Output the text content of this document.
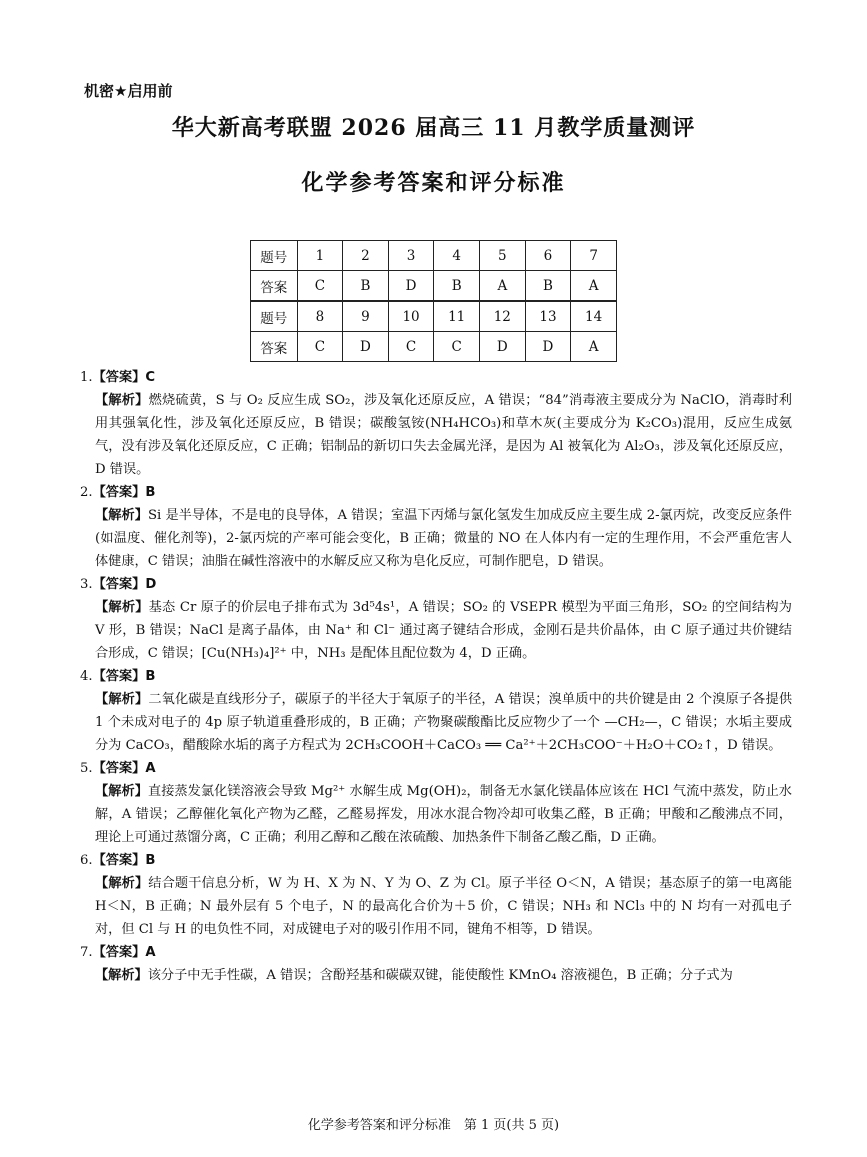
机密★启用前
华大新高考联盟 2026 届高三 11 月教学质量测评
化学参考答案和评分标准
题号	1	2	3	4	5	6	7
答案	C	B	D	B	A	B	A
题号	8	9	10	11	12	13	14
答案	C	D	C	C	D	D	A

1.【答案】C

【解析】燃烧硫黄，S 与 O₂ 反应生成 SO₂，涉及氧化还原反应，A 错误；“84”消毒液主要成分为 NaClO，消毒时利用其强氧化性，涉及氧化还原反应，B 错误；碳酸氢铵(NH₄HCO₃)和草木灰(主要成分为 K₂CO₃)混用，反应生成氨气，没有涉及氧化还原反应，C 正确；铝制品的新切口失去金属光泽，是因为 Al 被氧化为 Al₂O₃，涉及氧化还原反应，D 错误。

2.【答案】B

【解析】Si 是半导体，不是电的良导体，A 错误；室温下丙烯与氯化氢发生加成反应主要生成 2-氯丙烷，改变反应条件(如温度、催化剂等)，2-氯丙烷的产率可能会变化，B 正确；微量的 NO 在人体内有一定的生理作用，不会严重危害人体健康，C 错误；油脂在碱性溶液中的水解反应又称为皂化反应，可制作肥皂，D 错误。

3.【答案】D

【解析】基态 Cr 原子的价层电子排布式为 3d⁵4s¹，A 错误；SO₂ 的 VSEPR 模型为平面三角形，SO₂ 的空间结构为 V 形，B 错误；NaCl 是离子晶体，由 Na⁺ 和 Cl⁻ 通过离子键结合形成，金刚石是共价晶体，由 C 原子通过共价键结合形成，C 错误；[Cu(NH₃)₄]²⁺ 中，NH₃ 是配体且配位数为 4，D 正确。

4.【答案】B

【解析】二氧化碳是直线形分子，碳原子的半径大于氧原子的半径，A 错误；溴单质中的共价键是由 2 个溴原子各提供 1 个未成对电子的 4p 原子轨道重叠形成的，B 正确；产物聚碳酸酯比反应物少了一个 —CH₂—，C 错误；水垢主要成分为 CaCO₃，醋酸除水垢的离子方程式为 2CH₃COOH＋CaCO₃ ══ Ca²⁺＋2CH₃COO⁻＋H₂O＋CO₂↑，D 错误。

5.【答案】A

【解析】直接蒸发氯化镁溶液会导致 Mg²⁺ 水解生成 Mg(OH)₂，制备无水氯化镁晶体应该在 HCl 气流中蒸发，防止水解，A 错误；乙醇催化氧化产物为乙醛，乙醛易挥发，用冰水混合物冷却可收集乙醛，B 正确；甲酸和乙酸沸点不同，理论上可通过蒸馏分离，C 正确；利用乙醇和乙酸在浓硫酸、加热条件下制备乙酸乙酯，D 正确。

6.【答案】B

【解析】结合题干信息分析，W 为 H、X 为 N、Y 为 O、Z 为 Cl。原子半径 O＜N，A 错误；基态原子的第一电离能 H＜N，B 正确；N 最外层有 5 个电子，N 的最高化合价为＋5 价，C 错误；NH₃ 和 NCl₃ 中的 N 均有一对孤电子对，但 Cl 与 H 的电负性不同，对成键电子对的吸引作用不同，键角不相等，D 错误。

7.【答案】A

【解析】该分子中无手性碳，A 错误；含酚羟基和碳碳双键，能使酸性 KMnO₄ 溶液褪色，B 正确；分子式为

化学参考答案和评分标准　第 1 页(共 5 页)
